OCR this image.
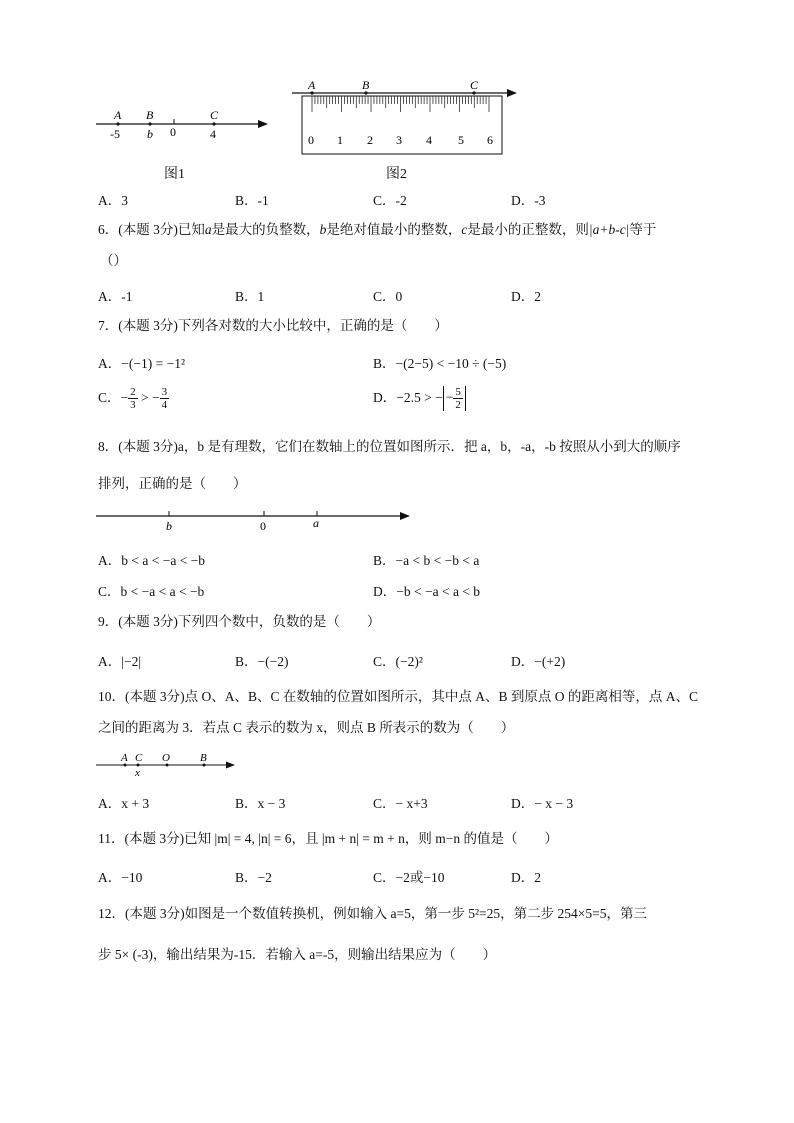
A B	C
-5 b 0	4
图1
A	B	C
0 1 2 3 4 5 6
图2
A．3	B．-1	C．-2	D．-3
6．(本题 3分)已知a是最大的负整数，b是绝对值最小的整数，c是最小的正整数，则|a+b-c|等于
（）
A．-1	B．1	C．0	D．2
7．(本题 3分)下列各对数的大小比较中，正确的是（　　）
A．−(−1) = −1²	B．−(2−5) < −10 ÷ (−5)
C．− $\frac{2}{3}$ > − $\frac{3}{4}$	D．−2.5 > − − $\frac{5}{2}$
8．(本题 3分)a，b 是有理数，它们在数轴上的位置如图所示．把 a，b，-a，-b 按照从小到大的顺序
排列，正确的是（　　）
b	0	a
A．b < a < −a < −b	B．−a < b < −b < a
C．b < −a < a < −b	D．−b < −a < a < b
9．(本题 3分)下列四个数中，负数的是（　　）
A．|−2|	B．−(−2)	C．(−2)²	D．−(+2)
10．(本题 3分)点 O、A、B、C 在数轴的位置如图所示，其中点 A、B 到原点 O 的距离相等，点 A、C
之间的距离为 3．若点 C 表示的数为 x，则点 B 所表示的数为（　　）
A C O	B
x
A．x + 3	B．x − 3	C．− x+3	D．− x − 3
11．(本题 3分)已知 |m| = 4, |n| = 6，且 |m + n| = m + n，则 m−n 的值是（　　）
A．−10	B．−2	C．−2或−10	D．2
12．(本题 3分)如图是一个数值转换机，例如输入 a=5，第一步 5²=25，第二步 254×5=5，第三
步 5× (-3)，输出结果为-15．若输入 a=-5，则输出结果应为（　　）
